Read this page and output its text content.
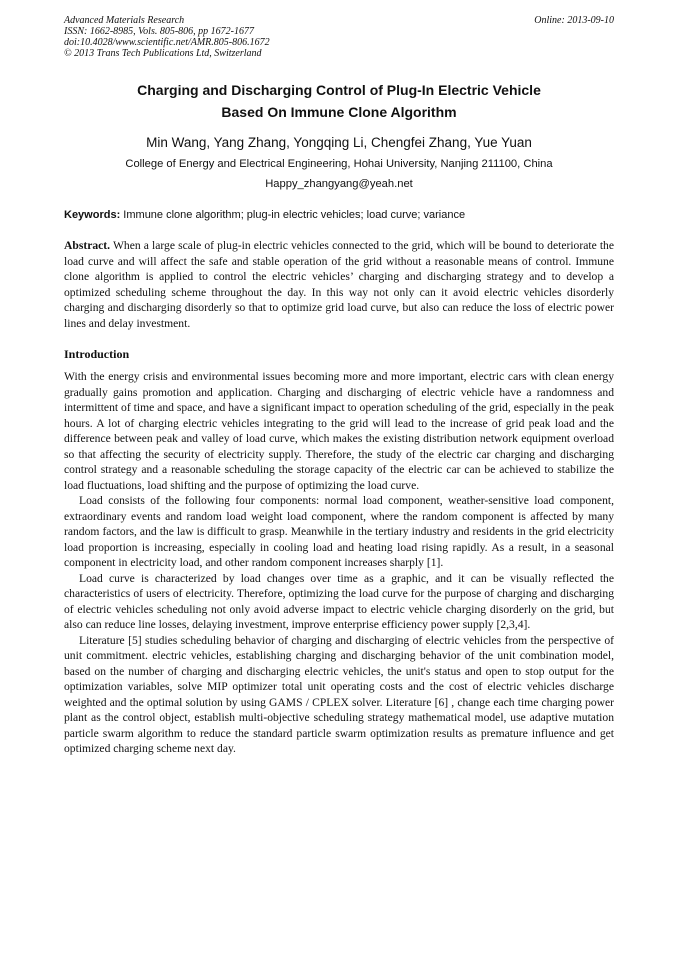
Advanced Materials Research
ISSN: 1662-8985, Vols. 805-806, pp 1672-1677
doi:10.4028/www.scientific.net/AMR.805-806.1672
© 2013 Trans Tech Publications Ltd, Switzerland
Online: 2013-09-10
Charging and Discharging Control of Plug-In Electric Vehicle
Based On Immune Clone Algorithm
Min Wang, Yang Zhang, Yongqing Li, Chengfei Zhang, Yue Yuan
College of Energy and Electrical Engineering, Hohai University, Nanjing 211100, China
Happy_zhangyang@yeah.net
Keywords: Immune clone algorithm; plug-in electric vehicles; load curve; variance
Abstract. When a large scale of plug-in electric vehicles connected to the grid, which will be bound to deteriorate the load curve and will affect the safe and stable operation of the grid without a reasonable means of control. Immune clone algorithm is applied to control the electric vehicles’ charging and discharging strategy and to develop a optimized scheduling scheme throughout the day. In this way not only can it avoid electric vehicles disorderly charging and discharging disorderly so that to optimize grid load curve, but also can reduce the loss of electric power lines and delay investment.
Introduction

With the energy crisis and environmental issues becoming more and more important, electric cars with clean energy gradually gains promotion and application. Charging and discharging of electric vehicle have a randomness and intermittent of time and space, and have a significant impact to operation scheduling of the grid, especially in the peak hours. A lot of charging electric vehicles integrating to the grid will lead to the increase of grid peak load and the difference between peak and valley of load curve, which makes the existing distribution network equipment overload so that affecting the security of electricity supply. Therefore, the study of the electric car charging and discharging control strategy and a reasonable scheduling the storage capacity of the electric car can be achieved to stabilize the load fluctuations, load shifting and the purpose of optimizing the load curve.

Load consists of the following four components: normal load component, weather-sensitive load component, extraordinary events and random load weight load component, where the random component is affected by many random factors, and the law is difficult to grasp. Meanwhile in the tertiary industry and residents in the grid electricity load proportion is increasing, especially in cooling load and heating load rising rapidly. As a result, in a seasonal component in electricity load, and other random component increases sharply [1].

Load curve is characterized by load changes over time as a graphic, and it can be visually reflected the characteristics of users of electricity. Therefore, optimizing the load curve for the purpose of charging and discharging of electric vehicles scheduling not only avoid adverse impact to electric vehicle charging disorderly on the grid, but also can reduce line losses, delaying investment, improve enterprise efficiency power supply [2,3,4].

Literature [5] studies scheduling behavior of charging and discharging of electric vehicles from the perspective of unit commitment. electric vehicles, establishing charging and discharging behavior of the unit combination model, based on the number of charging and discharging electric vehicles, the unit's status and open to stop output for the optimization variables, solve MIP optimizer total unit operating costs and the cost of electric vehicles discharge weighted and the optimal solution by using GAMS / CPLEX solver. Literature [6] , change each time charging power plant as the control object, establish multi-objective scheduling strategy mathematical model, use adaptive mutation particle swarm algorithm to reduce the standard particle swarm optimization results as premature influence and get optimized charging scheme next day.
